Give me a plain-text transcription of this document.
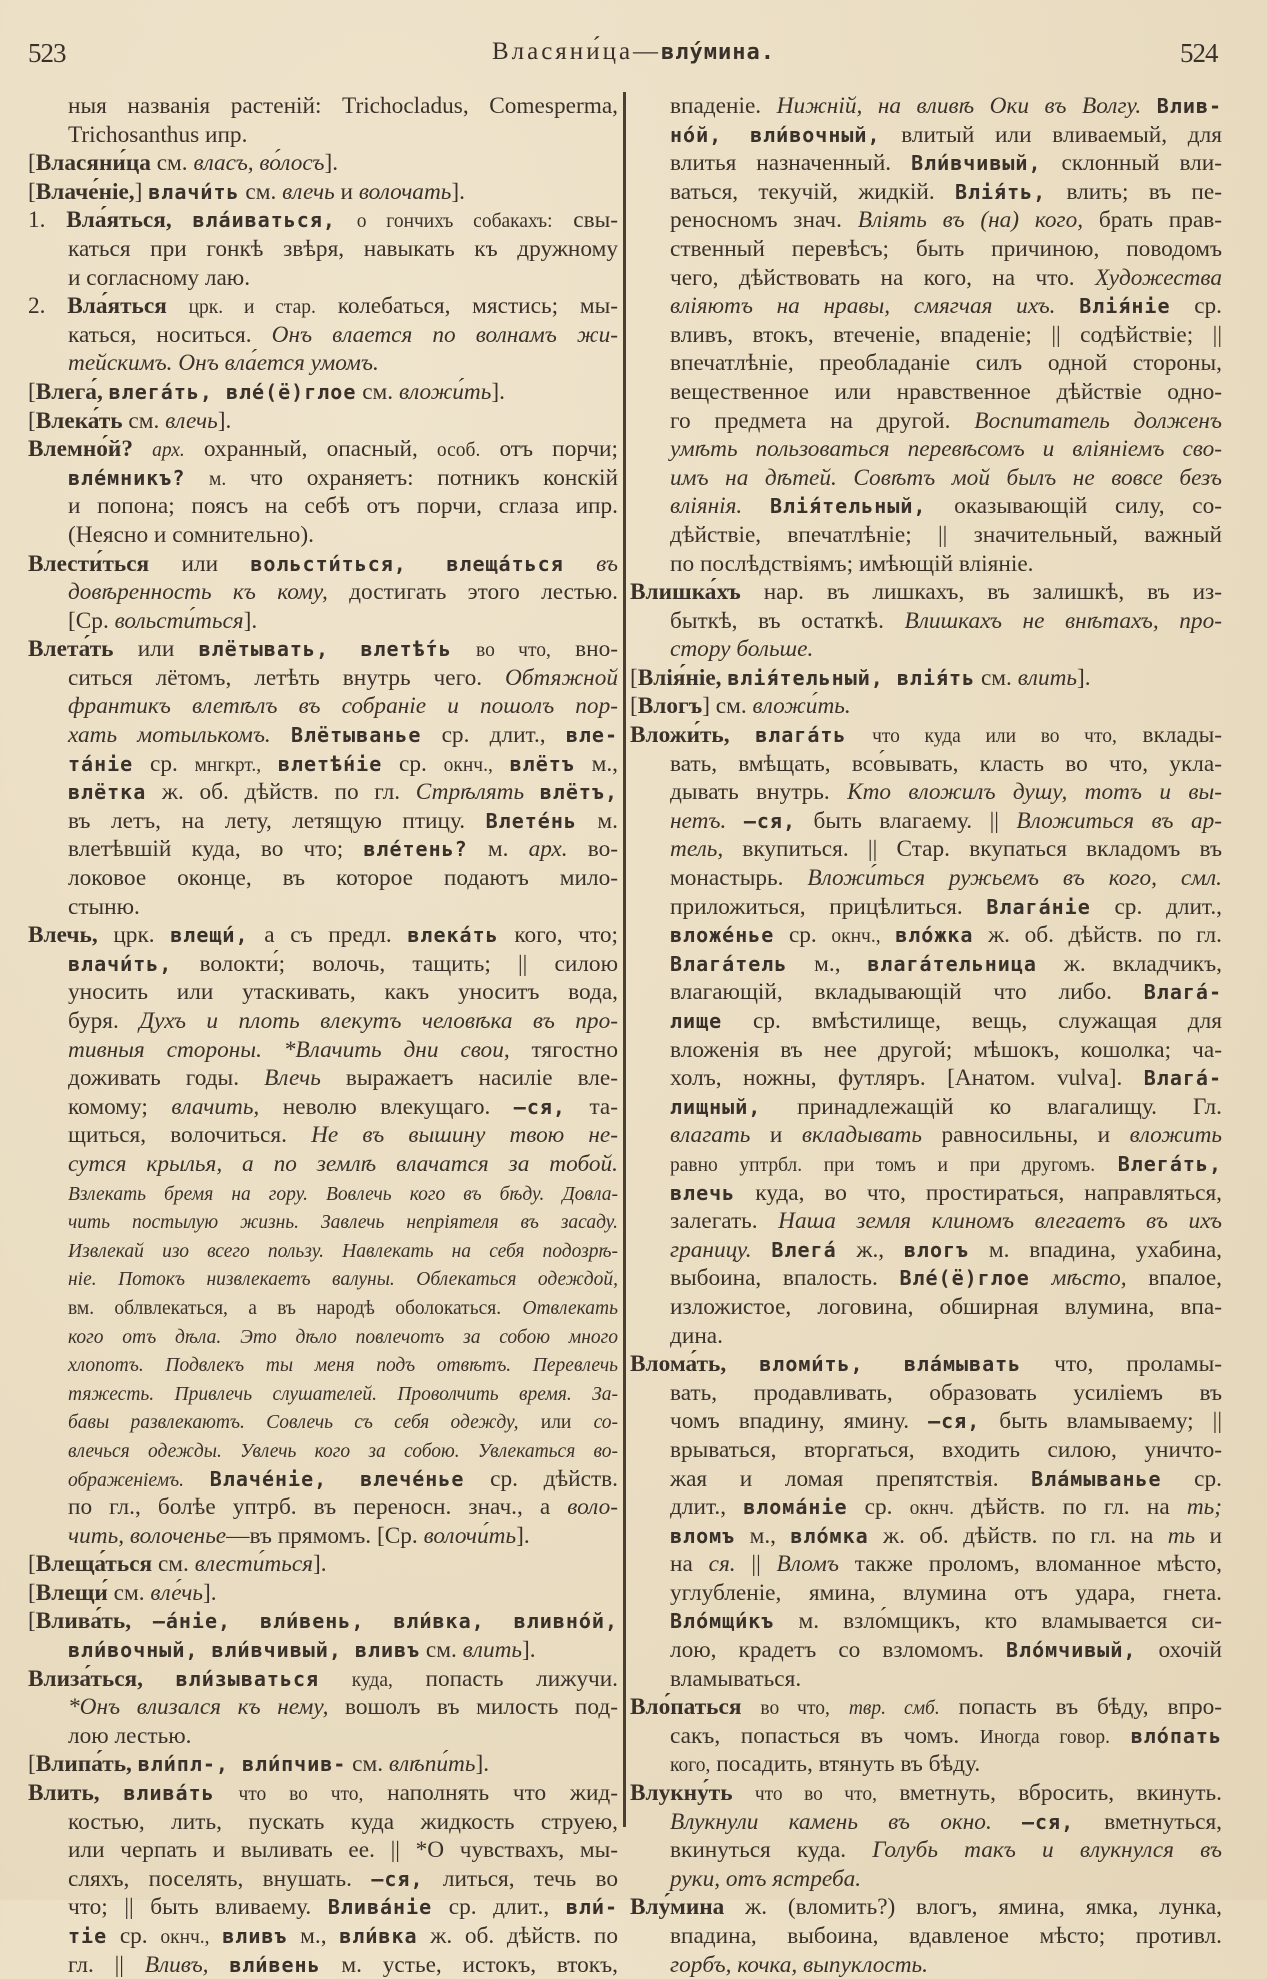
523	Власяни́ца—влу́мина.	524
ныя названія растеній: Trichocladus, Comesperma,
Trichosanthus ипр.
[Власяни́ца см. власъ, во́лосъ].
[Влаче́ніе,] влачи́ть см. влечь и волочать].
1. Вла́яться, вла́иваться, о гончихъ собакахъ: свы-
каться при гонкѣ звѣря, навыкать къ дружному
и согласному лаю.
2. Вла́яться црк. и стар. колебаться, мястись; мы-
каться, носиться. Онъ влается по волнамъ жи-
тейскимъ. Онъ вла́ется умомъ.
[Влега́, влега́ть, вле́(ё)глое см. вложи́ть].
[Влека́ть см. влечь].
Влемно́й? арх. охранный, опасный, особ. отъ порчи;
вле́мникъ? м. что охраняетъ: потникъ конскій
и попона; поясъ на себѣ отъ порчи, сглаза ипр.
(Неясно и сомнительно).
Влести́ться или вольсти́ться, влеща́ться въ
довѣренность къ кому, достигать этого лестью.
[Ср. вольсти́ться].
Влета́ть или влётывать, влетѣ́ть во что, вно-
ситься лётомъ, летѣть внутрь чего. Обтяжной
франтикъ влетѣлъ въ собраніе и пошолъ пор-
хать мотылькомъ. Влётыванье ср. длит., вле-
та́ніе ср. мнгкрт., влетѣ́ніе ср. окнч., влётъ м.,
влётка ж. об. дѣйств. по гл. Стрѣлять влётъ,
въ летъ, на лету, летящую птицу. Влете́нь м.
влетѣвшій куда, во что; вле́тень? м. арх. во-
локовое оконце, въ которое подаютъ мило-
стыню.
Влечь, црк. влещи́, а съ предл. влека́ть кого, что;
влачи́ть, волокти́; волочь, тащить; || силою
уносить или утаскивать, какъ уноситъ вода,
буря. Духъ и плоть влекутъ человѣка въ про-
тивныя стороны. *Влачить дни свои, тягостно
доживать годы. Влечь выражаетъ насиліе вле-
комому; влачить, неволю влекущаго. —ся, та-
щиться, волочиться. Не въ вышину твою не-
сутся крылья, а по землѣ влачатся за тобой.
Взлекать бремя на гору. Вовлечь кого въ бѣду. Довла-
чить постылую жизнь. Завлечь непріятеля въ засаду.
Извлекай изо всего пользу. Навлекать на себя подозрѣ-
ніе. Потокъ низвлекаетъ валуны. Облекаться одеждой,
вм. облвлекаться, а въ народѣ оболокаться. Отвлекать
кого отъ дѣла. Это дѣло повлечотъ за собою много
хлопотъ. Подвлекъ ты меня подъ отвѣтъ. Перевлечь
тяжесть. Привлечь слушателей. Проволчить время. За-
бавы развлекаютъ. Совлечь съ себя одежду, или со-
влечься одежды. Увлечь кого за собою. Увлекаться во-
ображеніемъ. Влаче́ніе, влече́нье ср. дѣйств.
по гл., болѣе уптрб. въ переносн. знач., а воло-
чить, волоченье—въ прямомъ. [Ср. волочи́ть].
[Влеща́ться см. влести́ться].
[Влещи́ см. вле́чь].
[Влива́ть, —а́ніе, вли́вень, вли́вка, вливно́й,
вли́вочный, вли́вчивый, вливъ см. влить].
Влиза́ться, вли́зываться куда, попасть лижучи.
*Онъ влизался къ нему, вошолъ въ милость под-
лою лестью.
[Влипа́ть, вли́пл-, вли́пчив- см. влѣпи́ть].
Влить, влива́ть что во что, наполнять что жид-
костью, лить, пускать куда жидкость струею,
или черпать и выливать ее. || *О чувствахъ, мы-
сляхъ, поселять, внушать. —ся, литься, течь во
что; || быть вливаему. Влива́ніе ср. длит., вли́-
тіе ср. окнч., вливъ м., вли́вка ж. об. дѣйств. по
гл. || Вливъ, вли́вень м. устье, истокъ, втокъ,
впаденіе. Нижній, на вливѣ Оки въ Волгу. Влив-
но́й, вли́вочный, влитый или вливаемый, для
влитья назначенный. Вли́вчивый, склонный вли-
ваться, текучій, жидкій. Влія́ть, влить; въ пе-
реносномъ знач. Вліять въ (на) кого, брать прав-
ственный перевѣсъ; быть причиною, поводомъ
чего, дѣйствовать на кого, на что. Художества
вліяютъ на нравы, смягчая ихъ. Влія́ніе ср.
вливъ, втокъ, втеченіе, впаденіе; || содѣйствіе; ||
впечатлѣніе, преобладаніе силъ одной стороны,
вещественное или нравственное дѣйствіе одно-
го предмета на другой. Воспитатель долженъ
умѣть пользоваться перевѣсомъ и вліяніемъ сво-
имъ на дѣтей. Совѣтъ мой былъ не вовсе безъ
вліянія. Влія́тельный, оказывающій силу, со-
дѣйствіе, впечатлѣніе; || значительный, важный
по послѣдствіямъ; имѣющій вліяніе.
Влишка́хъ нар. въ лишкахъ, въ залишкѣ, въ из-
быткѣ, въ остаткѣ. Влишкахъ не внѣтахъ, про-
стору больше.
[Влія́ніе, влія́тельный, влія́ть см. влить].
[Влогъ] см. вложи́ть.
Вложи́ть, влага́ть что куда или во что, вклады-
вать, вмѣщать, всо́вывать, класть во что, укла-
дывать внутрь. Кто вложилъ душу, тотъ и вы-
нетъ. —ся, быть влагаему. || Вложиться въ ар-
тель, вкупиться. || Стар. вкупаться вкладомъ въ
монастырь. Вложи́ться ружьемъ въ кого, смл.
приложиться, прицѣлиться. Влага́ніе ср. длит.,
вложе́нье ср. окнч., вло́жка ж. об. дѣйств. по гл.
Влага́тель м., влага́тельница ж. вкладчикъ,
влагающій, вкладывающій что либо. Влага́-
лище ср. вмѣстилище, вещь, служащая для
вложенія въ нее другой; мѣшокъ, кошолка; ча-
холъ, ножны, футляръ. [Анатом. vulva]. Влага́-
лищный, принадлежащій ко влагалищу. Гл.
влагать и вкладывать равносильны, и вложить
равно уптрбл. при томъ и при другомъ. Влега́ть,
влечь куда, во что, простираться, направляться,
залегать. Наша земля клиномъ влегаетъ въ ихъ
границу. Влега́ ж., влогъ м. впадина, ухабина,
выбоина, впалость. Вле́(ё)глое мѣсто, впалое,
изложистое, логовина, обширная влумина, впа-
дина.
Влома́ть, вломи́ть, вла́мывать что, проламы-
вать, продавливать, образовать усиліемъ въ
чомъ впадину, ямину. —ся, быть вламываему; ||
врываться, вторгаться, входить силою, уничто-
жая и ломая препятствія. Вла́мыванье ср.
длит., влома́ніе ср. окнч. дѣйств. по гл. на ть;
вломъ м., вло́мка ж. об. дѣйств. по гл. на ть и
на ся. || Вломъ также проломъ, вломанное мѣсто,
углубленіе, ямина, влумина отъ удара, гнета.
Вло́мщи́къ м. взло́мщикъ, кто вламывается си-
лою, крадетъ со взломомъ. Вло́мчивый, охочій
вламываться.
Вло́паться во что, твр. смб. попасть въ бѣду, впро-
сакъ, попасться въ чомъ. Иногда говор. вло́пать
кого, посадить, втянуть въ бѣду.
Влукну́ть что во что, вметнуть, вбросить, вкинуть.
Влукнули камень въ окно. —ся, вметнуться,
вкинуться куда. Голубь такъ и влукнулся въ
руки, отъ ястреба.
Влу́мина ж. (вломить?) влогъ, ямина, ямка, лунка,
впадина, выбоина, вдавленое мѣсто; противл.
горбъ, кочка, выпуклость.
